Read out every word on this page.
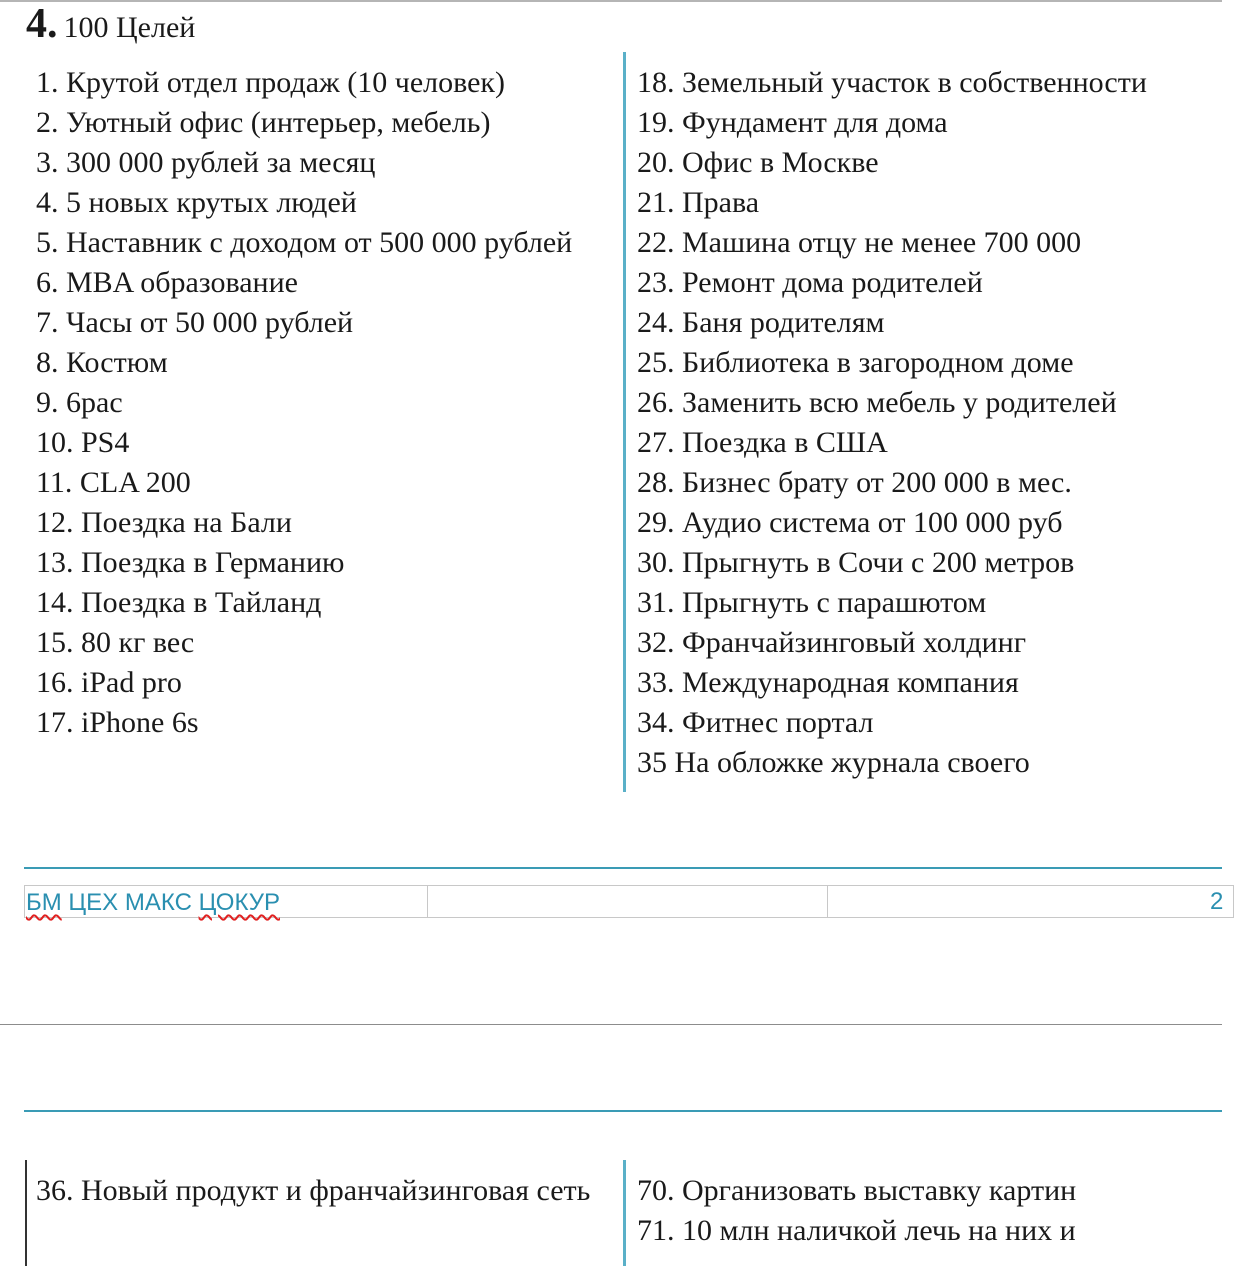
4. 100 Целей
1. Крутой отдел продаж (10 человек)
2. Уютный офис (интерьер, мебель)
3. 300 000 рублей за месяц
4. 5 новых крутых людей
5. Наставник с доходом от 500 000 рублей
6. MBA образование
7. Часы от 50 000 рублей
8. Костюм
9. 6pac
10. PS4
11. CLA 200
12. Поездка на Бали
13. Поездка в Германию
14. Поездка в Тайланд
15. 80 кг вес
16. iPad pro
17. iPhone 6s
18. Земельный участок в собственности
19. Фундамент для дома
20. Офис в Москве
21. Права
22. Машина отцу не менее 700 000
23. Ремонт дома родителей
24. Баня родителям
25. Библиотека в загородном доме
26. Заменить всю мебель у родителей
27. Поездка в США
28. Бизнес брату от 200 000 в мес.
29. Аудио система от 100 000 руб
30. Прыгнуть в Сочи с 200 метров
31. Прыгнуть с парашютом
32. Франчайзинговый холдинг
33. Международная компания
34. Фитнес портал
35 На обложке журнала своего
БМ ЦЕХ МАКС ЦОКУР	2
36. Новый продукт и франчайзинговая сеть	70. Организовать выставку картин
71. 10 млн наличкой лечь на них и
